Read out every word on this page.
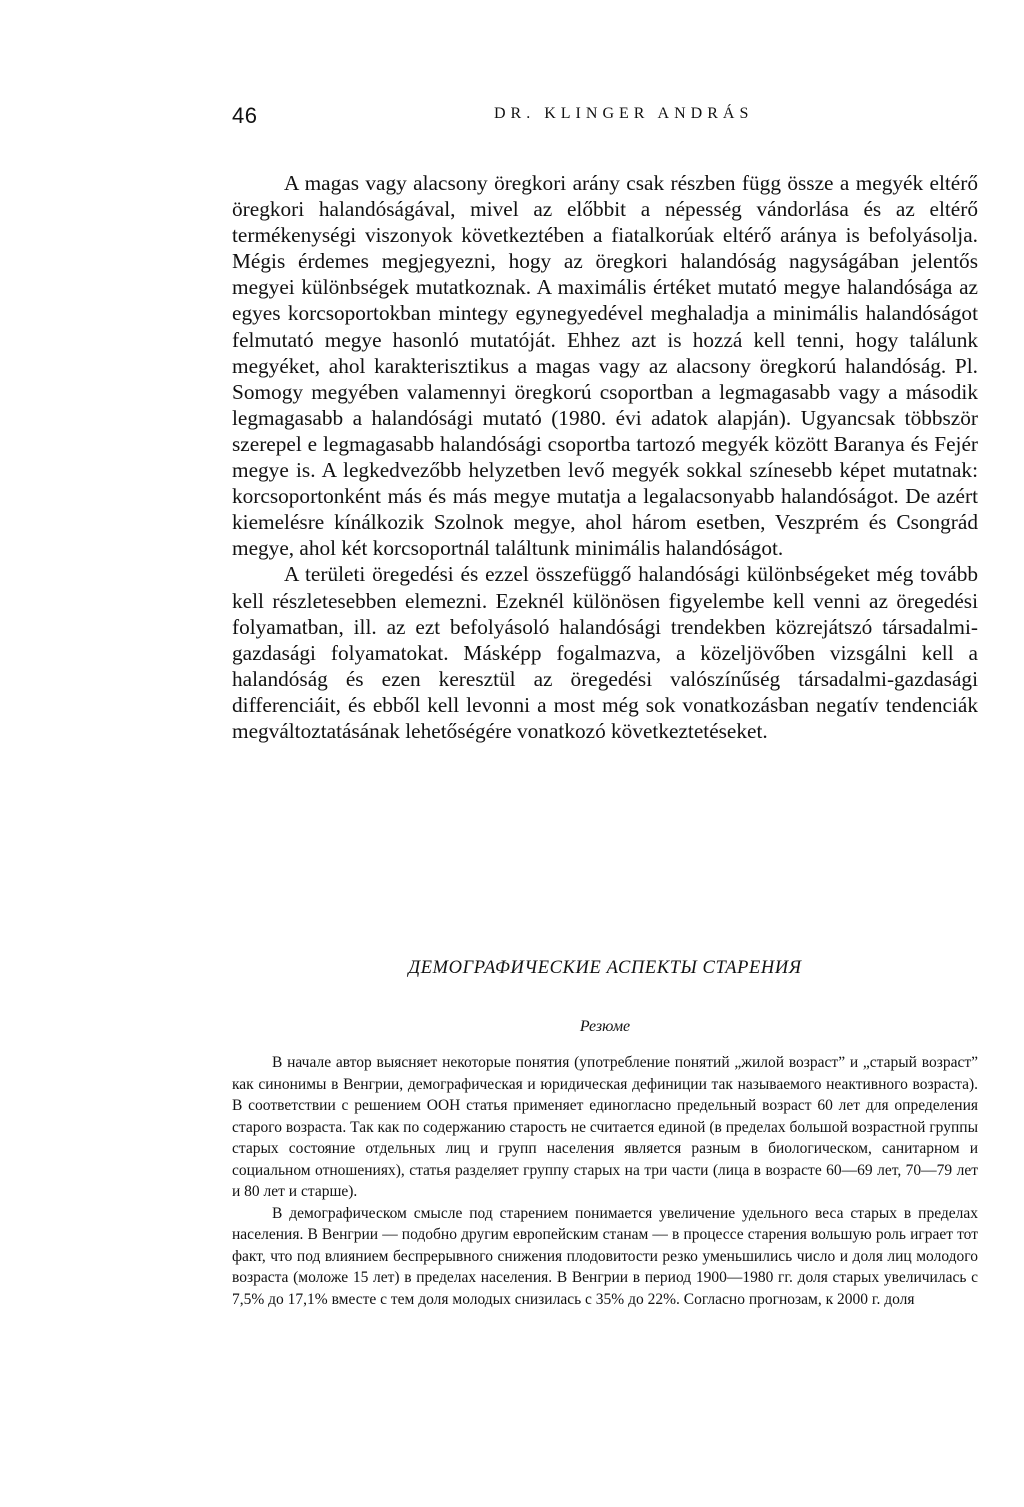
46	DR. KLINGER ANDRÁS

A magas vagy alacsony öregkori arány csak részben függ össze a megyék eltérő öregkori halandóságával, mivel az előbbit a népesség vándorlása és az eltérő termékenységi viszonyok következtében a fiatalkorúak eltérő aránya is befolyásolja. Mégis érdemes megjegyezni, hogy az öregkori halandóság nagyságában jelentős megyei különbségek mutatkoznak. A maximális értéket mutató megye halandósága az egyes korcsoportokban mintegy egynegyedével meghaladja a minimális halandóságot felmutató megye hasonló mutatóját. Ehhez azt is hozzá kell tenni, hogy találunk megyéket, ahol karakterisztikus a magas vagy az alacsony öregkorú halandóság. Pl. Somogy megyében valamennyi öregkorú csoportban a legmagasabb vagy a második legmagasabb a halandósági mutató (1980. évi adatok alapján). Ugyancsak többször szerepel e legmagasabb halandósági csoportba tartozó megyék között Baranya és Fejér megye is. A legkedvezőbb helyzetben levő megyék sokkal színesebb képet mutatnak: korcsoportonként más és más megye mutatja a legalacsonyabb halandóságot. De azért kiemelésre kínálkozik Szolnok megye, ahol három esetben, Veszprém és Csongrád megye, ahol két korcsoportnál találtunk minimális halandóságot.

A területi öregedési és ezzel összefüggő halandósági különbségeket még tovább kell részletesebben elemezni. Ezeknél különösen figyelembe kell venni az öregedési folyamatban, ill. az ezt befolyásoló halandósági trendekben közrejátszó társadalmi-gazdasági folyamatokat. Másképp fogalmazva, a közeljövőben vizsgálni kell a halandóság és ezen keresztül az öregedési valószínűség társadalmi-gazdasági differenciáit, és ebből kell levonni a most még sok vonatkozásban negatív tendenciák megváltoztatásának lehetőségére vonatkozó következtetéseket.

ДЕМОГРАФИЧЕСКИЕ АСПЕКТЫ СТАРЕНИЯ
Резюме

В начале автор выясняет некоторые понятия (употребление понятий „жилой возраст” и „старый возраст” как синонимы в Венгрии, демографическая и юридическая дефиниции так называемого неактивного возраста). В соответствии с решением ООН статья применяет единогласно предельный возраст 60 лет для определения старого возраста. Так как по содержанию старость не считается единой (в пределах большой возрастной группы старых состояние отдельных лиц и групп населения является разным в биологическом, санитарном и социальном отношениях), статья разделяет группу старых на три части (лица в возрасте 60—69 лет, 70—79 лет и 80 лет и старше).

В демографическом смысле под старением понимается увеличение удельного веса старых в пределах населения. В Венгрии — подобно другим европейским станам — в процессе старения вольшую роль играет тот факт, что под влиянием беспрерывного снижения плодовитости резко уменьшились число и доля лиц молодого возраста (моложе 15 лет) в пределах населения. В Венгрии в период 1900—1980 гг. доля старых увеличилась с 7,5% до 17,1% вместе с тем доля молодых снизилась с 35% до 22%. Согласно прогнозам, к 2000 г. доля
